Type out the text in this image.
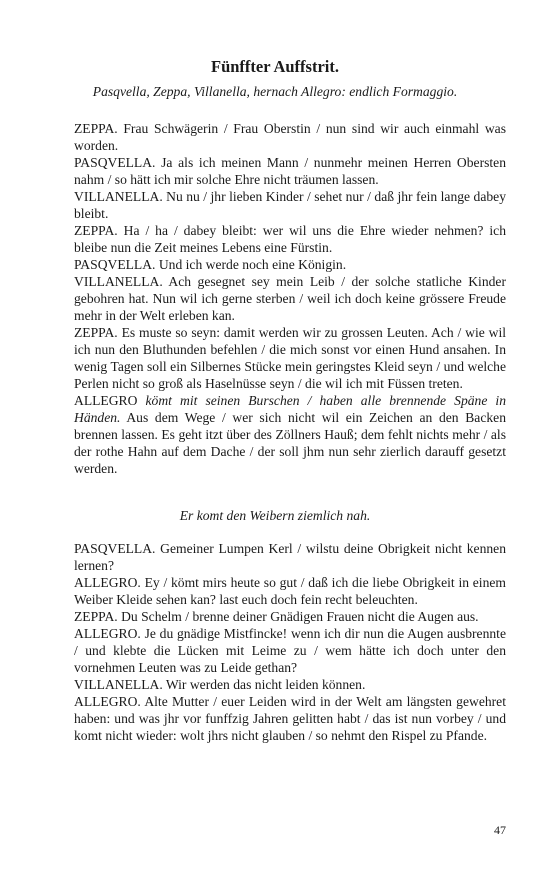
Fünffter Auffstrit.
Pasqvella, Zeppa, Villanella, hernach Allegro: endlich Formaggio.

ZEPPA. Frau Schwägerin / Frau Oberstin / nun sind wir auch einmahl was worden.

PASQVELLA. Ja als ich meinen Mann / nunmehr meinen Herren Obersten nahm / so hätt ich mir solche Ehre nicht träumen lassen.

VILLANELLA. Nu nu / jhr lieben Kinder / sehet nur / daß jhr fein lange dabey bleibt.

ZEPPA. Ha / ha / dabey bleibt: wer wil uns die Ehre wieder nehmen? ich bleibe nun die Zeit meines Lebens eine Fürstin.

PASQVELLA. Und ich werde noch eine Königin.

VILLANELLA. Ach gesegnet sey mein Leib / der solche statliche Kinder gebohren hat. Nun wil ich gerne sterben / weil ich doch keine grössere Freude mehr in der Welt erleben kan.

ZEPPA. Es muste so seyn: damit werden wir zu grossen Leuten. Ach / wie wil ich nun den Bluthunden befehlen / die mich sonst vor einen Hund ansahen. In wenig Tagen soll ein Silbernes Stücke mein geringstes Kleid seyn / und welche Perlen nicht so groß als Haselnüsse seyn / die wil ich mit Füssen treten.

ALLEGRO kömt mit seinen Burschen / haben alle brennende Späne in Händen. Aus dem Wege / wer sich nicht wil ein Zeichen an den Backen brennen lassen. Es geht itzt über des Zöllners Hauß; dem fehlt nichts mehr / als der rothe Hahn auf dem Dache / der soll jhm nun sehr zierlich darauff gesetzt werden.

Er komt den Weibern ziemlich nah.

PASQVELLA. Gemeiner Lumpen Kerl / wilstu deine Obrigkeit nicht kennen lernen?

ALLEGRO. Ey / kömt mirs heute so gut / daß ich die liebe Obrigkeit in einem Weiber Kleide sehen kan? last euch doch fein recht beleuchten.

ZEPPA. Du Schelm / brenne deiner Gnädigen Frauen nicht die Augen aus.

ALLEGRO. Je du gnädige Mistfincke! wenn ich dir nun die Augen ausbrennte / und klebte die Lücken mit Leime zu / wem hätte ich doch unter den vornehmen Leuten was zu Leide gethan?

VILLANELLA. Wir werden das nicht leiden können.

ALLEGRO. Alte Mutter / euer Leiden wird in der Welt am längsten gewehret haben: und was jhr vor funffzig Jahren gelitten habt / das ist nun vorbey / und komt nicht wieder: wolt jhrs nicht glauben / so nehmt den Rispel zu Pfande.

47
